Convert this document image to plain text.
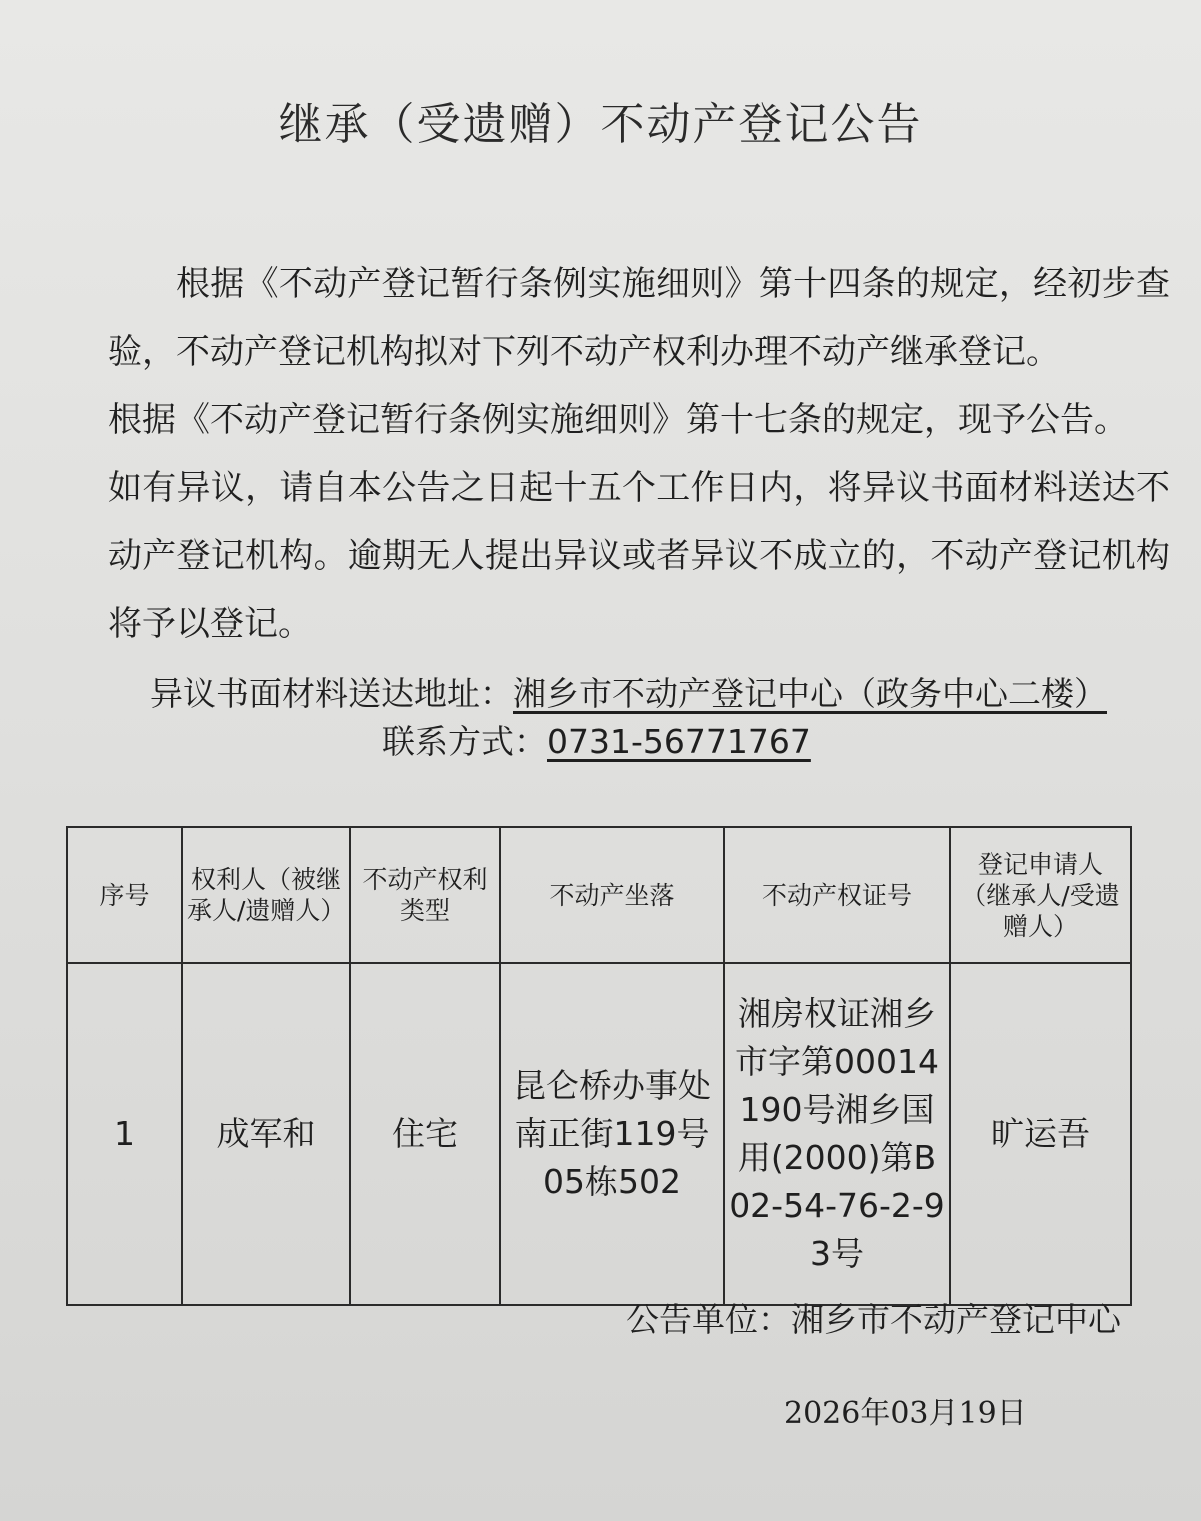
继承（受遗赠）不动产登记公告

根据《不动产登记暂行条例实施细则》第十四条的规定，经初步查验，不动产登记机构拟对下列不动产权利办理不动产继承登记。

根据《不动产登记暂行条例实施细则》第十七条的规定，现予公告。

如有异议，请自本公告之日起十五个工作日内，将异议书面材料送达不动产登记机构。逾期无人提出异议或者异议不成立的，不动产登记机构将予以登记。

异议书面材料送达地址：湘乡市不动产登记中心（政务中心二楼）
联系方式：0731-56771767
序号	权利人（被继承人/遗赠人）	不动产权利类型	不动产坐落	不动产权证号	登记申请人（继承人/受遗赠人）
1	成军和	住宅	昆仑桥办事处南正街119号05栋502	湘房权证湘乡市字第00014190号湘乡国用(2000)第B02-54-76-2-93号	旷运吾
公告单位：湘乡市不动产登记中心
2026年03月19日
